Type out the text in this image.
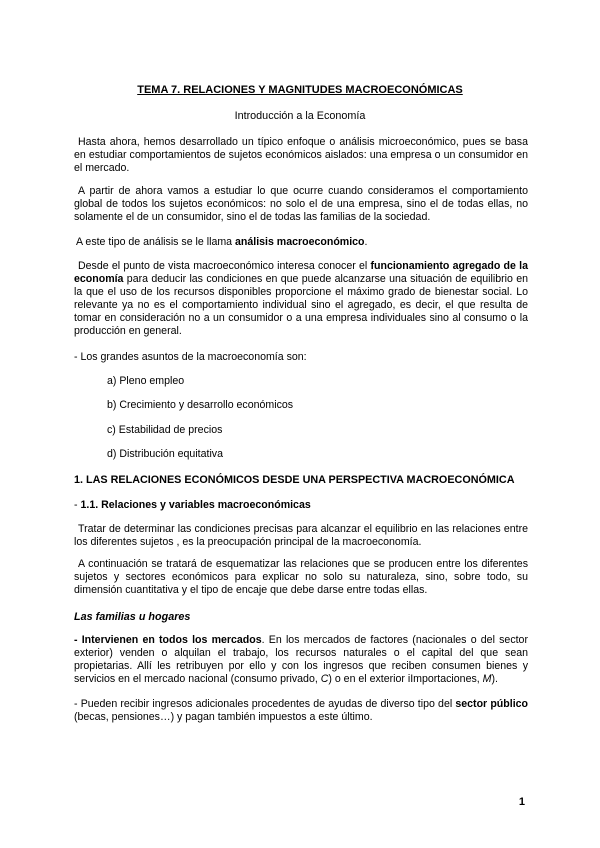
TEMA 7. RELACIONES Y MAGNITUDES MACROECONÓMICAS
Introducción a la Economía

Hasta ahora, hemos desarrollado un típico enfoque o análisis microeconómico, pues se basa en estudiar comportamientos de sujetos económicos aislados: una empresa o un consumidor en el mercado.

A partir de ahora vamos a estudiar lo que ocurre cuando consideramos el comportamiento global de todos los sujetos económicos: no solo el de una empresa, sino el de todas ellas, no solamente el de un consumidor, sino el de todas las familias de la sociedad.

A este tipo de análisis se le llama análisis macroeconómico.

Desde el punto de vista macroeconómico interesa conocer el funcionamiento agregado de la economía para deducir las condiciones en que puede alcanzarse una situación de equilibrio en la que el uso de los recursos disponibles proporcione el máximo grado de bienestar social. Lo relevante ya no es el comportamiento individual sino el agregado, es decir, el que resulta de tomar en consideración no a un consumidor o a una empresa individuales sino al consumo o la producción en general.

- Los grandes asuntos de la macroeconomía son:

a) Pleno empleo
b) Crecimiento y desarrollo económicos
c) Estabilidad de precios
d) Distribución equitativa
1. LAS RELACIONES ECONÓMICOS DESDE UNA PERSPECTIVA MACROECONÓMICA
- 1.1. Relaciones y variables macroeconómicas

Tratar de determinar las condiciones precisas para alcanzar el equilibrio en las relaciones entre los diferentes sujetos , es la preocupación principal de la macroeconomía.

A continuación se tratará de esquematizar las relaciones que se producen entre los diferentes sujetos y sectores económicos para explicar no solo su naturaleza, sino, sobre todo, su dimensión cuantitativa y el tipo de encaje que debe darse entre todas ellas.

Las familias u hogares

- Intervienen en todos los mercados. En los mercados de factores (nacionales o del sector exterior) venden o alquilan el trabajo, los recursos naturales o el capital del que sean propietarias. Allí les retribuyen por ello y con los ingresos que reciben consumen bienes y servicios en el mercado nacional (consumo privado, C) o en el exterior iImportaciones, M).

- Pueden recibir ingresos adicionales procedentes de ayudas de diverso tipo del sector público (becas, pensiones…) y pagan también impuestos a este último.

1
